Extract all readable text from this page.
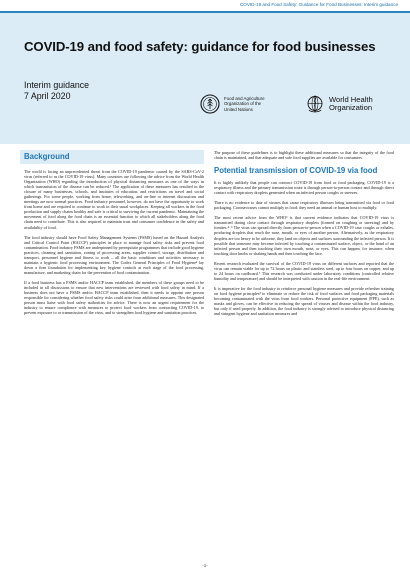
COVID-19 and Food Safety: Guidance for Food Businesses: Interim guidance
COVID-19 and food safety: guidance for food businesses
Interim guidance
7 April 2020	Food and Agriculture
Organization of the
United Nations
World Health
Organization
Background

The world is facing an unprecedented threat from the COVID-19 pandemic caused by the SARS-CoV-2 virus (referred to as the COVID-19 virus). Many countries are following the advice from the World Health Organization (WHO) regarding the introduction of physical distancing measures as one of the ways in which transmission of the disease can be reduced.¹ The application of these measures has resulted in the closure of many businesses, schools, and institutes of education, and restrictions on travel and social gatherings. For some people, working from home, teleworking, and on-line or internet discussions and meetings are now normal practices. Food industry personnel, however, do not have the opportunity to work from home and are required to continue to work in their usual workplaces. Keeping all workers in the food production and supply chains healthy and safe is critical to surviving the current pandemic. Maintaining the movement of food along the food chain is an essential function to which all stakeholders along the food chain need to contribute. This is also required to maintain trust and consumer confidence in the safety and availability of food.

The food industry should have Food Safety Management Systems (FSMS) based on the Hazard Analysis and Critical Control Point (HACCP) principles in place to manage food safety risks and prevent food contamination. Food industry FSMS are underpinned by prerequisite programmes that include good hygiene practices, cleaning and sanitation, zoning of processing areas, supplier control, storage, distribution and transport, personnel hygiene and fitness to work – all the basic conditions and activities necessary to maintain a hygienic food processing environment. The Codex General Principles of Food Hygiene² lay down a firm foundation for implementing key hygiene controls at each stage of the food processing, manufacture, and marketing chain for the prevention of food contamination.

If a food business has a FSMS and/or HACCP team established, the members of these groups need to be included in all discussions to ensure that new interventions are reviewed with food safety in mind. If a business does not have a FSMS and/or HACCP team established, then it needs to appoint one person responsible for considering whether food safety risks could arise from additional measures. This designated person must liaise with food safety authorities for advice. There is now an urgent requirement for the industry to ensure compliance with measures to protect food workers from contracting COVID-19, to prevent exposure to or transmission of the virus, and to strengthen food hygiene and sanitation practices.

The purpose of these guidelines is to highlight these additional measures so that the integrity of the food chain is maintained, and that adequate and safe food supplies are available for consumers.

Potential transmission of COVID-19 via food

It is highly unlikely that people can contract COVID-19 from food or food packaging. COVID-19 is a respiratory illness and the primary transmission route is through person-to-person contact and through direct contact with respiratory droplets generated when an infected person coughs or sneezes.

There is no evidence to date of viruses that cause respiratory illnesses being transmitted via food or food packaging. Coronaviruses cannot multiply in food; they need an animal or human host to multiply.

The most recent advice from the WHO³ is that current evidence indicates that COVID-19 virus is transmitted during close contact through respiratory droplets (formed on coughing or sneezing) and by fomites.⁴⁻⁶ The virus can spread directly from person-to-person when a COVID-19 case coughs or exhales, producing droplets that reach the nose, mouth, or eyes of another person. Alternatively, as the respiratory droplets are too heavy to be airborne, they land on objects and surfaces surrounding the infected person. It is possible that someone may become infected by touching a contaminated surface, object, or the hand of an infected person and then touching their own mouth, nose, or eyes. This can happen, for instance, when touching door knobs or shaking hands and then touching the face.

Recent research evaluated the survival of the COVID-19 virus on different surfaces and reported that the virus can remain viable for up to 72 hours on plastic and stainless steel, up to four hours on copper, and up to 24 hours on cardboard.⁷ This research was conducted under laboratory conditions (controlled relative humidity and temperature) and should be interpreted with caution in the real-life environment.

It is imperative for the food industry to reinforce personal hygiene measures and provide refresher training on food hygiene principles² to eliminate or reduce the risk of food surfaces and food packaging materials becoming contaminated with the virus from food workers. Personal protective equipment (PPE), such as masks and gloves, can be effective in reducing the spread of viruses and disease within the food industry, but only if used properly. In addition, the food industry is strongly advised to introduce physical distancing and stringent hygiene and sanitation measures and

-1-
